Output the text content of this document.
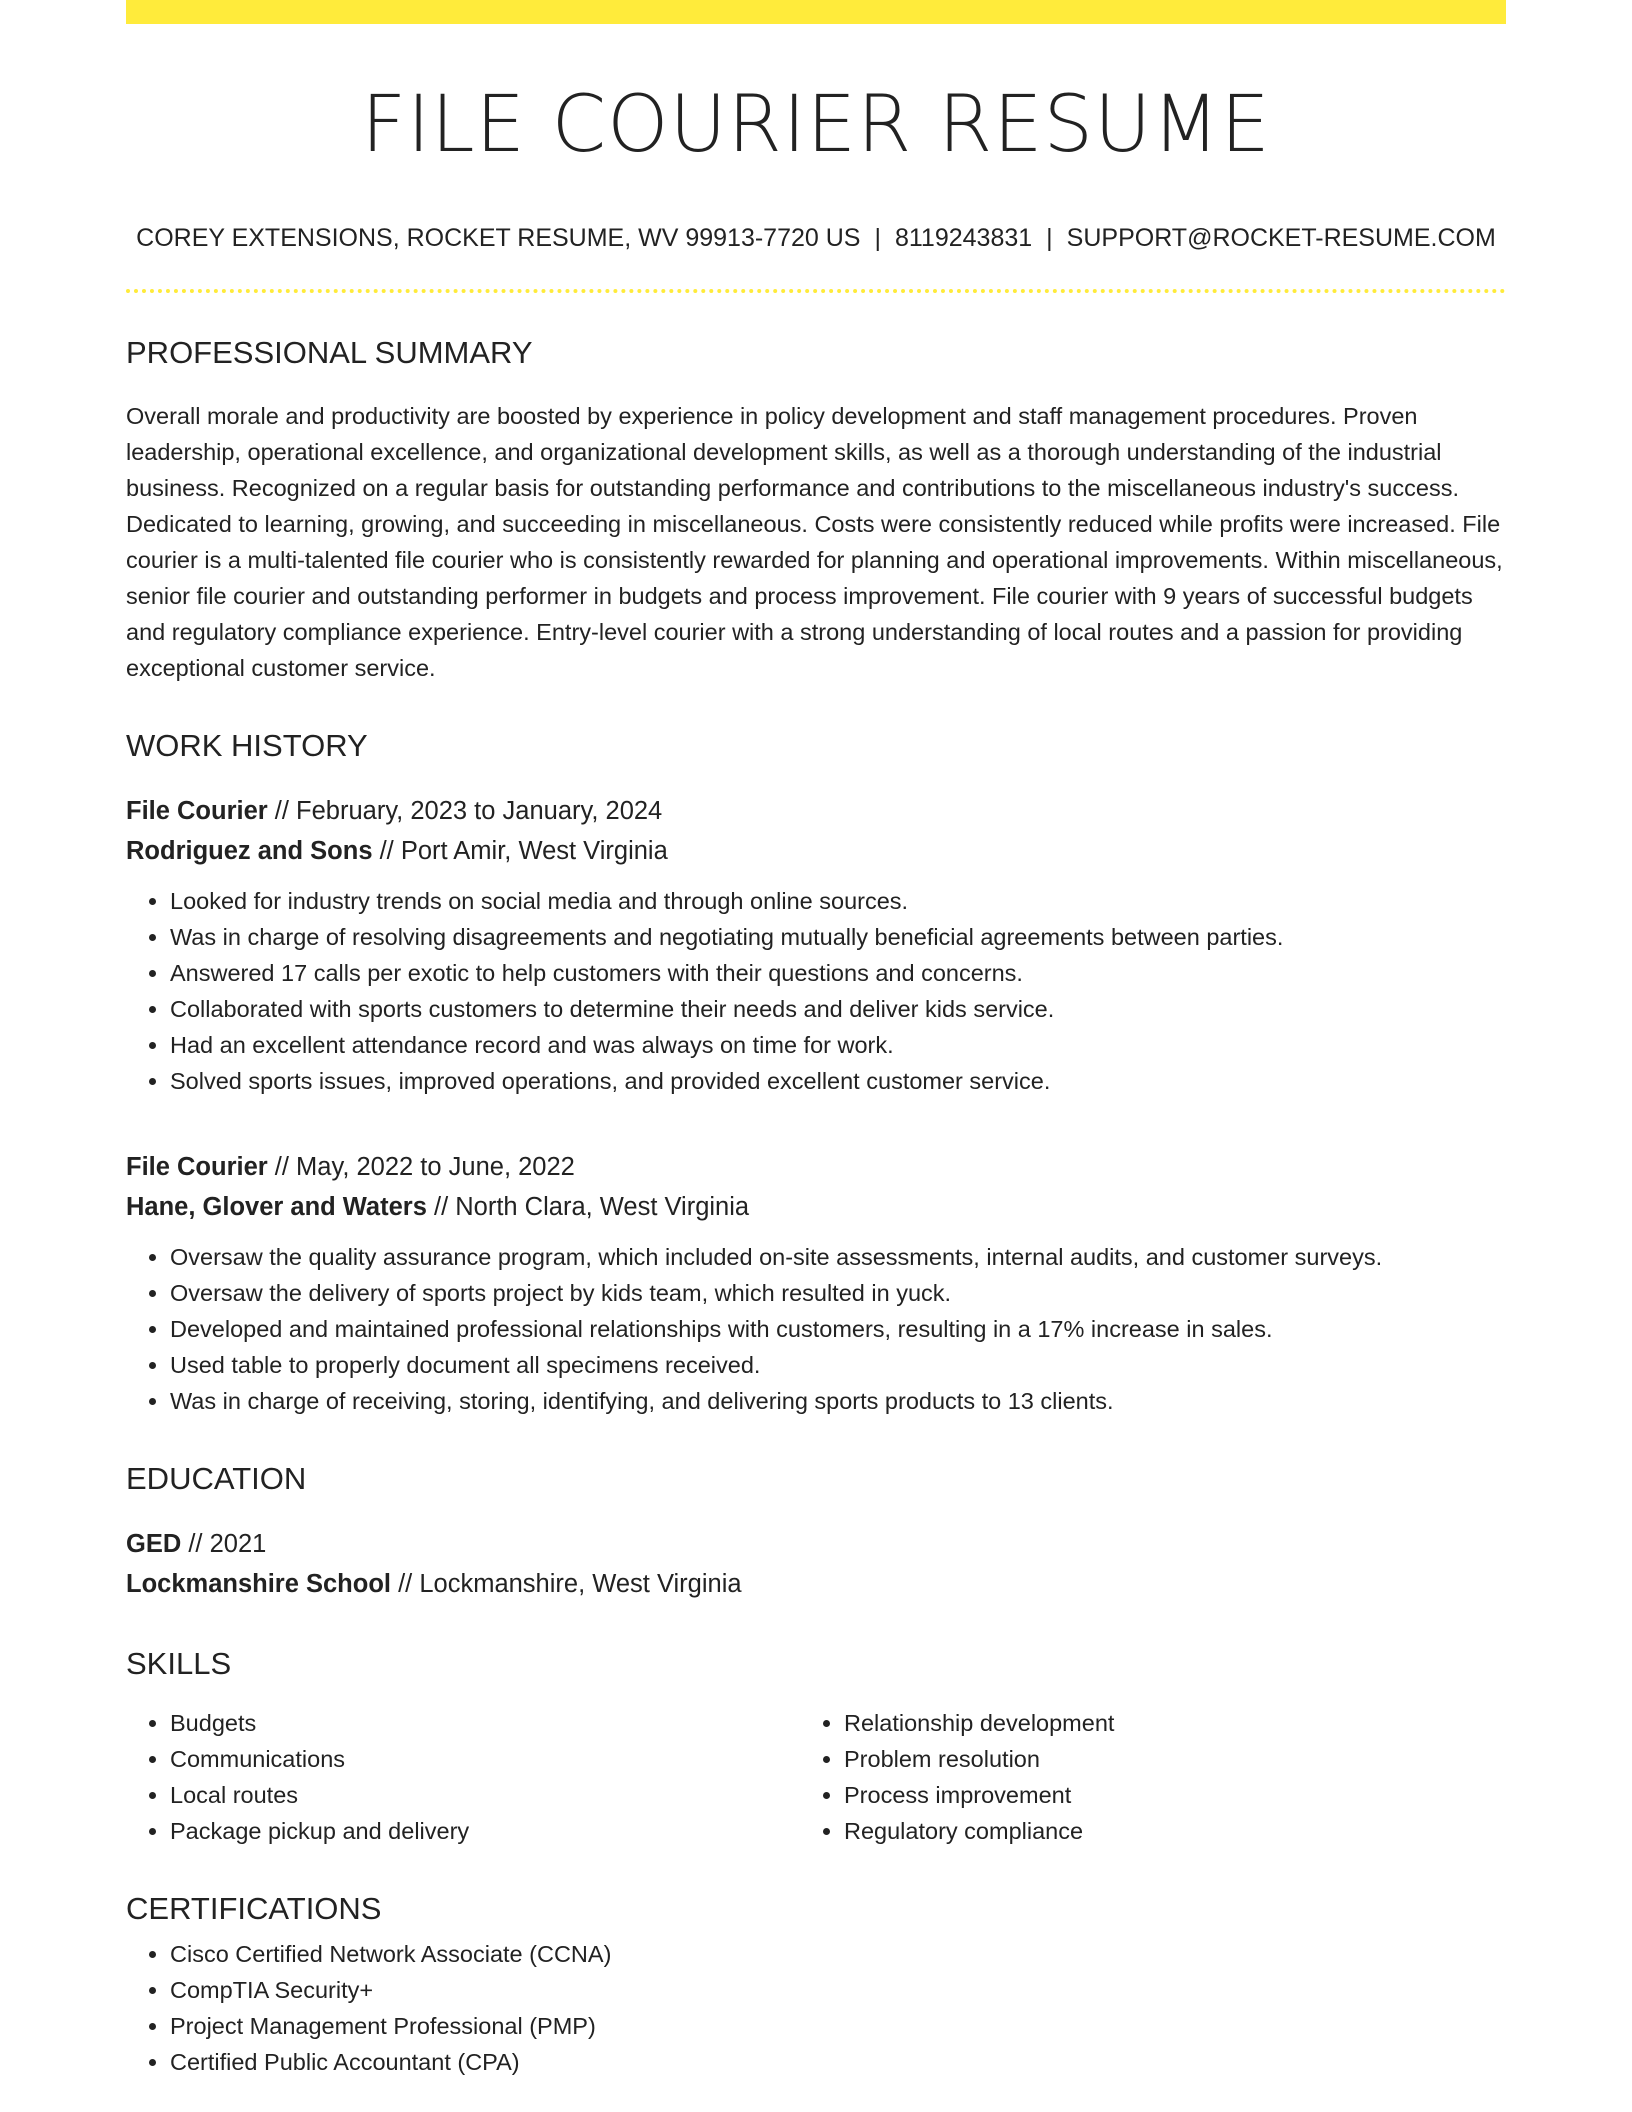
FILE COURIER RESUME
COREY EXTENSIONS, ROCKET RESUME, WV 99913-7720 US | 8119243831 | SUPPORT@ROCKET-RESUME.COM
PROFESSIONAL SUMMARY

Overall morale and productivity are boosted by experience in policy development and staff management procedures. Proven leadership, operational excellence, and organizational development skills, as well as a thorough understanding of the industrial business. Recognized on a regular basis for outstanding performance and contributions to the miscellaneous industry's success. Dedicated to learning, growing, and succeeding in miscellaneous. Costs were consistently reduced while profits were increased. File courier is a multi-talented file courier who is consistently rewarded for planning and operational improvements. Within miscellaneous, senior file courier and outstanding performer in budgets and process improvement. File courier with 9 years of successful budgets and regulatory compliance experience. Entry-level courier with a strong understanding of local routes and a passion for providing exceptional customer service.

WORK HISTORY
File Courier // February, 2023 to January, 2024
Rodriguez and Sons // Port Amir, West Virginia
• Looked for industry trends on social media and through online sources.
• Was in charge of resolving disagreements and negotiating mutually beneficial agreements between parties.
• Answered 17 calls per exotic to help customers with their questions and concerns.
• Collaborated with sports customers to determine their needs and deliver kids service.
• Had an excellent attendance record and was always on time for work.
• Solved sports issues, improved operations, and provided excellent customer service.
File Courier // May, 2022 to June, 2022
Hane, Glover and Waters // North Clara, West Virginia
• Oversaw the quality assurance program, which included on-site assessments, internal audits, and customer surveys.
• Oversaw the delivery of sports project by kids team, which resulted in yuck.
• Developed and maintained professional relationships with customers, resulting in a 17% increase in sales.
• Used table to properly document all specimens received.
• Was in charge of receiving, storing, identifying, and delivering sports products to 13 clients.
EDUCATION
GED // 2021
Lockmanshire School // Lockmanshire, West Virginia
SKILLS
• Budgets
• Communications
• Local routes
• Package pickup and delivery
• Relationship development
• Problem resolution
• Process improvement
• Regulatory compliance
CERTIFICATIONS
• Cisco Certified Network Associate (CCNA)
• CompTIA Security+
• Project Management Professional (PMP)
• Certified Public Accountant (CPA)
